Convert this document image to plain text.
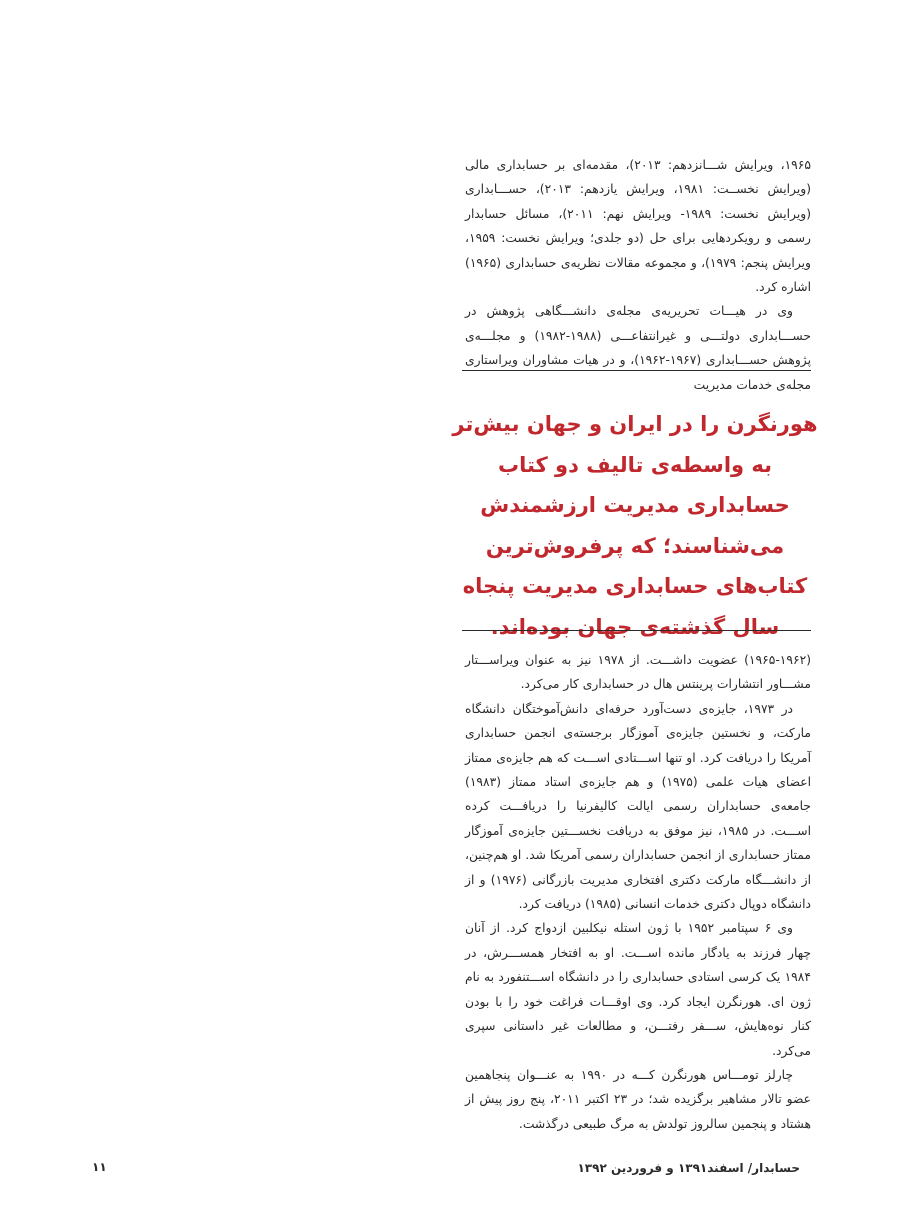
۱۹۶۵، ویرایش شـــانزدهم: ۲۰۱۳)، مقدمه‌ای بر حسابداری مالی (ویرایش نخســت: ۱۹۸۱، ویرایش یازدهم: ۲۰۱۳)، حســـابداری (ویرایش نخست: ۱۹۸۹- ویرایش نهم: ۲۰۱۱)، مسائل حسابدار رسمی و رویکردهایی برای حل (دو جلدی؛ ویرایش نخست: ۱۹۵۹، ویرایش پنجم: ۱۹۷۹)، و مجموعه مقالات نظریه‌ی حسابداری (۱۹۶۵) اشاره کرد.

وی در هیـــات تحریریه‌ی مجله‌ی دانشـــگاهی پژوهش در حســـابداری دولتـــی و غیرانتفاعـــی (۱۹۸۸-۱۹۸۲) و مجلـــه‌ی پژوهش حســـابداری (۱۹۶۷-۱۹۶۲)، و در هیات مشاوران ویراستاری مجله‌ی خدمات مدیریت

هورنگرن را در ایران و جهان بیش‌تر به واسطه‌ی تالیف دو کتاب حسابداری مدیریت ارزشمندش می‌شناسند؛ که پرفروش‌ترین کتاب‌های حسابداری مدیریت پنجاه سال گذشته‌ی جهان بوده‌اند.

(۱۹۶۵-۱۹۶۲) عضویت داشـــت. از ۱۹۷۸ نیز به عنوان ویراســـتار مشـــاور انتشارات پرینتس هال در حسابداری کار می‌کرد.

در ۱۹۷۳، جایزه‌ی دست‌آورد حرفه‌ای دانش‌آموختگان دانشگاه مارکت، و نخستین جایزه‌ی آموزگار برجسته‌ی انجمن حسابداری آمریکا را دریافت کرد. او تنها اســـتادی اســـت که هم جایزه‌ی ممتاز اعضای هیات علمی (۱۹۷۵) و هم جایزه‌ی استاد ممتاز (۱۹۸۳) جامعه‌ی حسابداران رسمی ایالت کالیفرنیا را دریافـــت کرده اســـت. در ۱۹۸۵، نیز موفق به دریافت نخســـتین جایزه‌ی آموزگار ممتاز حسابداری از انجمن حسابداران رسمی آمریکا شد. او هم‌چنین، از دانشـــگاه مارکت دکتری افتخاری مدیریت بازرگانی (۱۹۷۶) و از دانشگاه دوپال دکتری خدمات انسانی (۱۹۸۵) دریافت کرد.

وی ۶ سپتامبر ۱۹۵۲ با ژون استله نیکلبین ازدواج کرد. از آنان چهار فرزند به یادگار مانده اســـت. او به افتخار همســـرش، در ۱۹۸۴ یک کرسی استادی حسابداری را در دانشگاه اســـتنفورد به نام ژون ای. هورنگرن ایجاد کرد. وی اوقـــات فراغت خود را با بودن کنار نوه‌هایش، ســـفر رفتـــن، و مطالعات غیر داستانی سپری می‌کرد.

چارلز تومـــاس هورنگرن کـــه در ۱۹۹۰ به عنـــوان پنجاهمین عضو تالار مشاهیر برگزیده شد؛ در ۲۳ اکتبر ۲۰۱۱، پنج روز پیش از هشتاد و پنجمین سالروز تولدش به مرگ طبیعی درگذشت.

حسابدار/ اسفند۱۳۹۱ و فروردین ۱۳۹۲
۱۱
